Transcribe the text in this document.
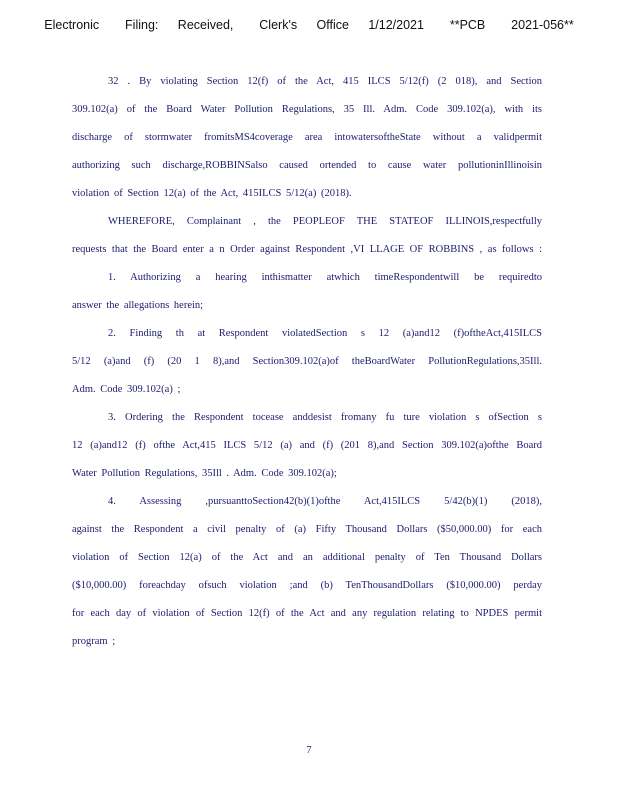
Electronic    Filing:   Received,    Clerk's   Office   1/12/2021    **PCB    2021-056**
32 . By violating Section 12(f) of the Act, 415 ILCS 5/12(f) (2 018), and Section
309.102(a) of the Board Water Pollution Regulations, 35 Ill. Adm. Code 309.102(a), with its
discharge of stormwater fromitsMS4coverage area intowatersoftheState without a validpermit
authorizing such discharge,ROBBINSalso caused ortended to cause water pollutioninIllinoisin
violation of Section 12(a) of the Act, 415ILCS 5/12(a) (2018).
WHEREFORE, Complainant , the PEOPLEOF THE STATEOF ILLINOIS,respectfully
requests that the Board enter a n Order against Respondent ,VI LLAGE OF ROBBINS , as follows :
1. Authorizing a hearing inthismatter atwhich timeRespondentwill be requiredto
answer the allegations herein;
2. Finding th at Respondent violatedSection s 12 (a)and12 (f)oftheAct,415ILCS
5/12 (a)and (f) (20 1 8),and Section309.102(a)of theBoardWater PollutionRegulations,35Ill.
Adm. Code 309.102(a) ;
3. Ordering the Respondent tocease anddesist fromany fu ture violation s ofSection s
12 (a)and12 (f) ofthe Act,415 ILCS 5/12 (a) and (f) (201 8),and Section 309.102(a)ofthe Board
Water Pollution Regulations, 35Ill . Adm. Code 309.102(a);
4. Assessing ,pursuanttoSection42(b)(1)ofthe Act,415ILCS 5/42(b)(1) (2018),
against the Respondent a civil penalty of (a) Fifty Thousand Dollars ($50,000.00) for each
violation of Section 12(a) of the Act and an additional penalty of Ten Thousand Dollars
($10,000.00) foreachday ofsuch violation ;and (b) TenThousandDollars ($10,000.00) perday
for each day of violation of Section 12(f) of the Act and any regulation relating to NPDES permit
program ;
7
